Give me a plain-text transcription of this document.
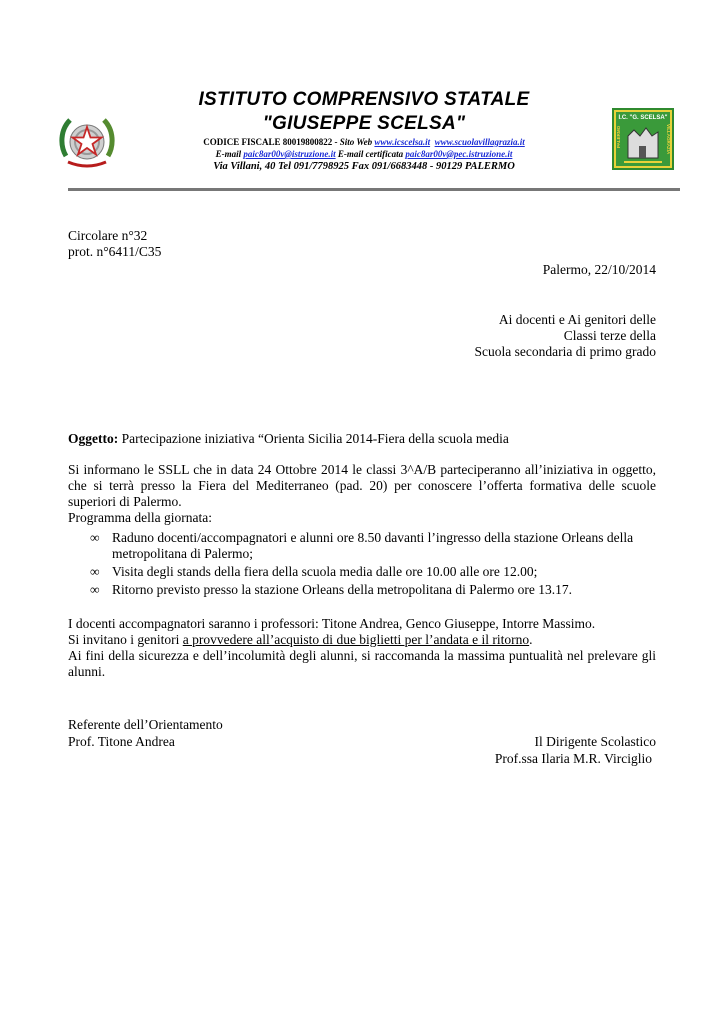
ISTITUTO COMPRENSIVO STATALE
"GIUSEPPE SCELSA"
CODICE FISCALE 80019800822 - Sito Web www.icscelsa.it www.scuolavillagrazia.it
E-mail paic8ar00v@istruzione.it E-mail certificata paic8ar00v@pec.istruzione.it
Via Villani, 40 Tel 091/7798925 Fax 091/6683448 - 90129 PALERMO
I.C. "G. SCELSA"
PALERMO	VILLAGRAZIA
Circolare n°32
prot. n°6411/C35
Palermo, 22/10/2014
Ai docenti e Ai genitori delle
Classi terze della
Scuola secondaria di primo grado
Oggetto: Partecipazione iniziativa “Orienta Sicilia 2014-Fiera della scuola media

Si informano le SSLL che in data 24 Ottobre 2014 le classi 3^A/B parteciperanno all’iniziativa in oggetto, che si terrà presso la Fiera del Mediterraneo (pad. 20) per conoscere l’offerta formativa delle scuole superiori di Palermo.

Programma della giornata:

∞ Raduno docenti/accompagnatori e alunni ore 8.50 davanti l’ingresso della stazione Orleans della metropolitana di Palermo;
∞ Visita degli stands della fiera della scuola media dalle ore 10.00 alle ore 12.00;
∞ Ritorno previsto presso la stazione Orleans della metropolitana di Palermo ore 13.17.

I docenti accompagnatori saranno i professori: Titone Andrea, Genco Giuseppe, Intorre Massimo.

Si invitano i genitori a provvedere all’acquisto di due biglietti per l’andata e il ritorno.

Ai fini della sicurezza e dell’incolumità degli alunni, si raccomanda la massima puntualità nel prelevare gli alunni.

Referente dell’Orientamento
Prof. Titone Andrea	Il Dirigente Scolastico
Prof.ssa Ilaria M.R. Virciglio
